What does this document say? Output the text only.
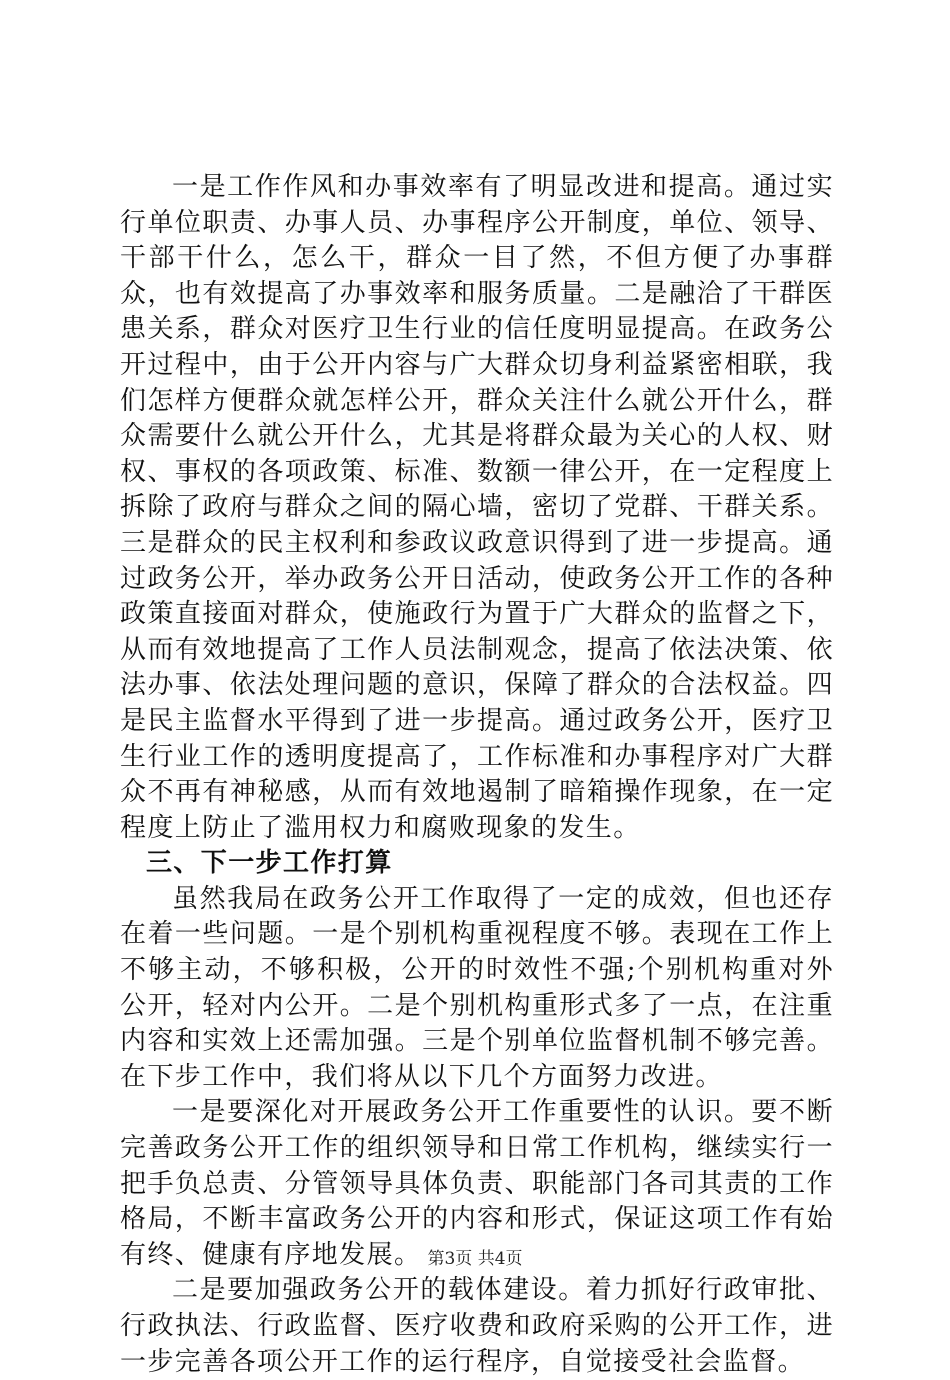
一是工作作风和办事效率有了明显改进和提高。通过实行单位职责、办事人员、办事程序公开制度，单位、领导、干部干什么，怎么干，群众一目了然，不但方便了办事群众，也有效提高了办事效率和服务质量。二是融洽了干群医患关系，群众对医疗卫生行业的信任度明显提高。在政务公开过程中，由于公开内容与广大群众切身利益紧密相联，我们怎样方便群众就怎样公开，群众关注什么就公开什么，群众需要什么就公开什么，尤其是将群众最为关心的人权、财权、事权的各项政策、标准、数额一律公开，在一定程度上拆除了政府与群众之间的隔心墙，密切了党群、干群关系。三是群众的民主权利和参政议政意识得到了进一步提高。通过政务公开，举办政务公开日活动，使政务公开工作的各种政策直接面对群众，使施政行为置于广大群众的监督之下，从而有效地提高了工作人员法制观念，提高了依法决策、依法办事、依法处理问题的意识，保障了群众的合法权益。四是民主监督水平得到了进一步提高。通过政务公开，医疗卫生行业工作的透明度提高了，工作标准和办事程序对广大群众不再有神秘感，从而有效地遏制了暗箱操作现象，在一定程度上防止了滥用权力和腐败现象的发生。

三、下一步工作打算

虽然我局在政务公开工作取得了一定的成效，但也还存在着一些问题。一是个别机构重视程度不够。表现在工作上不够主动，不够积极，公开的时效性不强;个别机构重对外公开，轻对内公开。二是个别机构重形式多了一点，在注重内容和实效上还需加强。三是个别单位监督机制不够完善。在下步工作中，我们将从以下几个方面努力改进。

一是要深化对开展政务公开工作重要性的认识。要不断完善政务公开工作的组织领导和日常工作机构，继续实行一把手负总责、分管领导具体负责、职能部门各司其责的工作格局，不断丰富政务公开的内容和形式，保证这项工作有始有终、健康有序地发展。

二是要加强政务公开的载体建设。着力抓好行政审批、行政执法、行政监督、医疗收费和政府采购的公开工作，进一步完善各项公开工作的运行程序，自觉接受社会监督。

第3页 共4页
